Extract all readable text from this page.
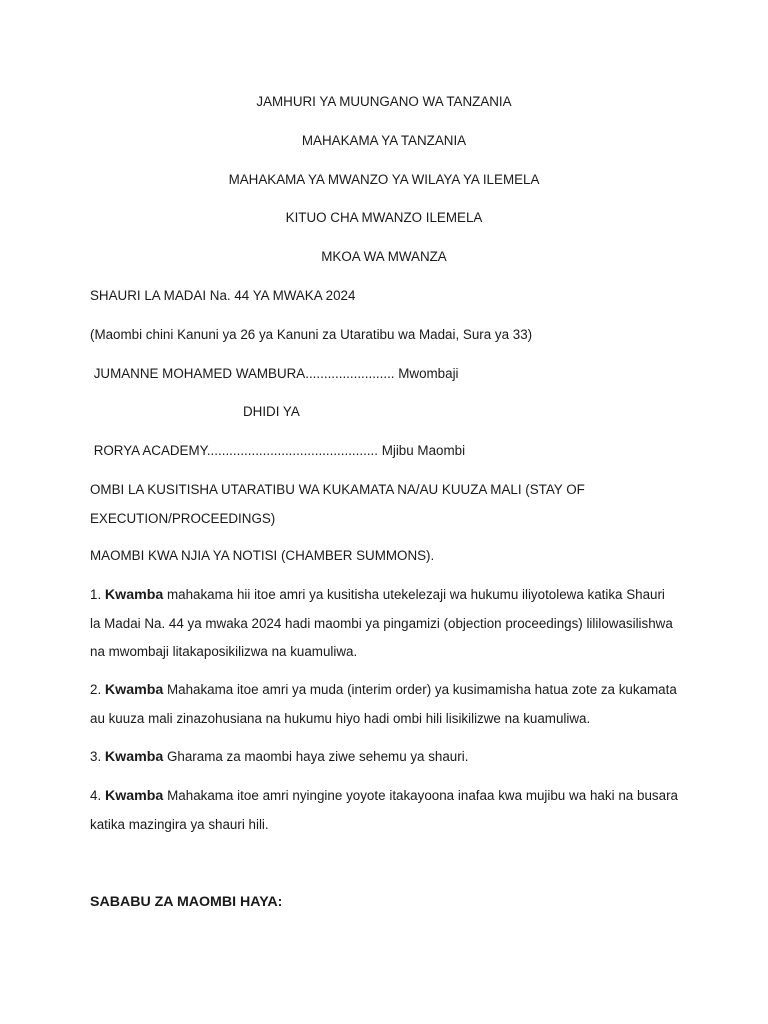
JAMHURI YA MUUNGANO WA TANZANIA
MAHAKAMA YA TANZANIA
MAHAKAMA YA MWANZO YA WILAYA YA ILEMELA
KITUO CHA MWANZO ILEMELA
MKOA WA MWANZA
SHAURI LA MADAI Na. 44 YA MWAKA 2024
(Maombi chini Kanuni ya 26 ya Kanuni za Utaratibu wa Madai, Sura ya 33)
JUMANNE MOHAMED WAMBURA........................ Mwombaji
DHIDI YA
RORYA ACADEMY.............................................. Mjibu Maombi
OMBI LA KUSITISHA UTARATIBU WA KUKAMATA NA/AU KUUZA MALI (STAY OF EXECUTION/PROCEEDINGS)
MAOMBI KWA NJIA YA NOTISI (CHAMBER SUMMONS).
1. Kwamba mahakama hii itoe amri ya kusitisha utekelezaji wa hukumu iliyotolewa katika Shauri la Madai Na. 44 ya mwaka 2024 hadi maombi ya pingamizi (objection proceedings) lililowasilishwa na mwombaji litakaposikilizwa na kuamuliwa.
2. Kwamba Mahakama itoe amri ya muda (interim order) ya kusimamisha hatua zote za kukamata au kuuza mali zinazohusiana na hukumu hiyo hadi ombi hili lisikilizwe na kuamuliwa.
3. Kwamba Gharama za maombi haya ziwe sehemu ya shauri.
4. Kwamba Mahakama itoe amri nyingine yoyote itakayoona inafaa kwa mujibu wa haki na busara katika mazingira ya shauri hili.
SABABU ZA MAOMBI HAYA:
